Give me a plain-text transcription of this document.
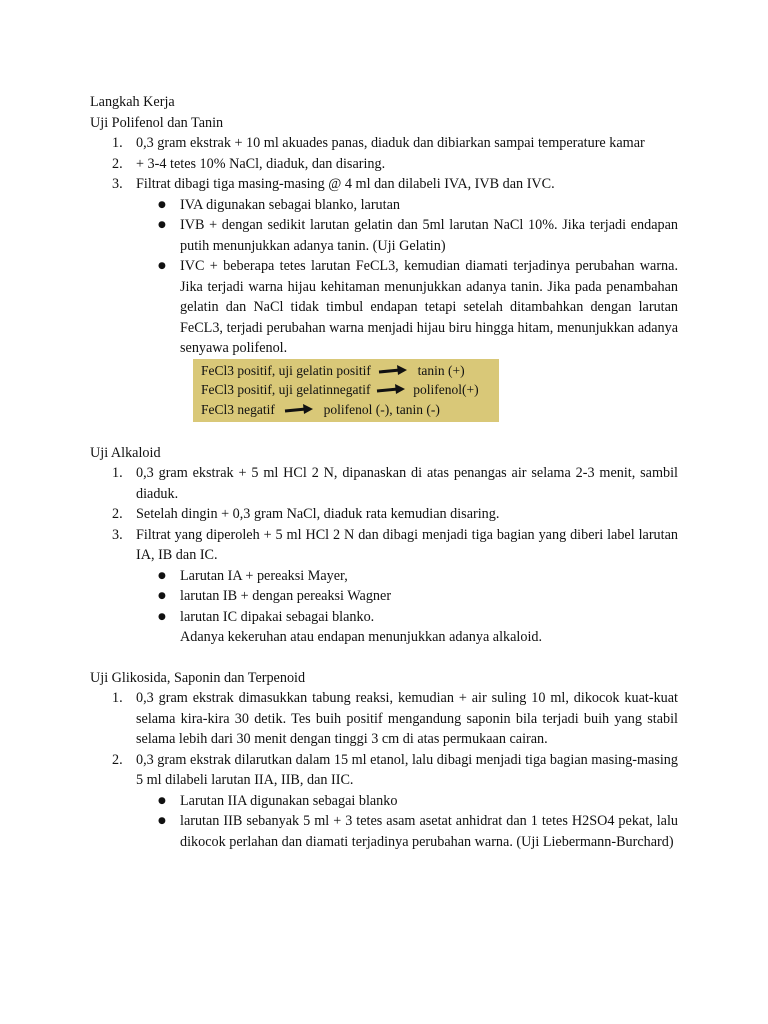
Langkah Kerja

Uji Polifenol dan Tanin

1. 0,3 gram ekstrak + 10 ml akuades panas, diaduk dan dibiarkan sampai temperature kamar
2. + 3-4 tetes 10% NaCl, diaduk, dan disaring.
3. Filtrat dibagi tiga masing-masing @ 4 ml dan dilabeli IVA, IVB dan IVC.
● IVA digunakan sebagai blanko, larutan
● IVB + dengan sedikit larutan gelatin dan 5ml larutan NaCl 10%. Jika terjadi endapan putih menunjukkan adanya tanin. (Uji Gelatin)
● IVC + beberapa tetes larutan FeCL3, kemudian diamati terjadinya perubahan warna. Jika terjadi warna hijau kehitaman menunjukkan adanya tanin. Jika pada penambahan gelatin dan NaCl tidak timbul endapan tetapi setelah ditambahkan dengan larutan FeCL3, terjadi perubahan warna menjadi hijau biru hingga hitam, menunjukkan adanya senyawa polifenol.
FeCl3 positif, uji gelatin positif	tanin (+)
FeCl3 positif, uji gelatinnegatif	polifenol(+)
FeCl3 negatif	polifenol (-), tanin (-)

Uji Alkaloid

1. 0,3 gram ekstrak + 5 ml HCl 2 N, dipanaskan di atas penangas air selama 2-3 menit, sambil diaduk.
2. Setelah dingin + 0,3 gram NaCl, diaduk rata kemudian disaring.
3. Filtrat yang diperoleh + 5 ml HCl 2 N dan dibagi menjadi tiga bagian yang diberi label larutan IA, IB dan IC.
● Larutan IA + pereaksi Mayer,
● larutan IB + dengan pereaksi Wagner
● larutan IC dipakai sebagai blanko.

Adanya kekeruhan atau endapan menunjukkan adanya alkaloid.

Uji Glikosida, Saponin dan Terpenoid

1. 0,3 gram ekstrak dimasukkan tabung reaksi, kemudian + air suling 10 ml, dikocok kuat-kuat selama kira-kira 30 detik. Tes buih positif mengandung saponin bila terjadi buih yang stabil selama lebih dari 30 menit dengan tinggi 3 cm di atas permukaan cairan.
2. 0,3 gram ekstrak dilarutkan dalam 15 ml etanol, lalu dibagi menjadi tiga bagian masing-masing 5 ml dilabeli larutan IIA, IIB, dan IIC.
● Larutan IIA digunakan sebagai blanko
● larutan IIB sebanyak 5 ml + 3 tetes asam asetat anhidrat dan 1 tetes H2SO4 pekat, lalu dikocok perlahan dan diamati terjadinya perubahan warna. (Uji Liebermann-Burchard)
